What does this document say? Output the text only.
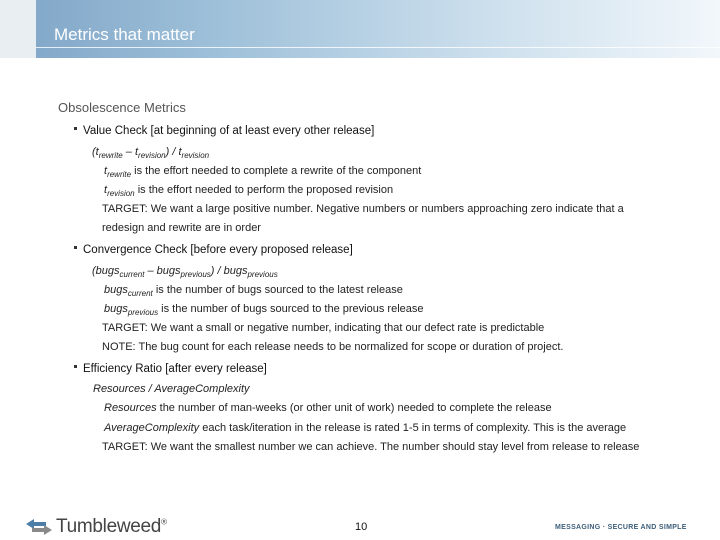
Metrics that matter
Obsolescence Metrics
Value Check [at beginning of at least every other release]
$(t_{rewrite} - t_{revision}) / t_{revision}$
$t_{rewrite}$ is the effort needed to complete a rewrite of the component
$t_{revision}$ is the effort needed to perform the proposed revision
TARGET: We want a large positive number. Negative numbers or numbers approaching zero indicate that a
redesign and rewrite are in order
Convergence Check [before every proposed release]
(bugs$_{current}$ – bugs$_{previous}$) / bugs$_{previous}$
bugs$_{current}$ is the number of bugs sourced to the latest release
bugs$_{previous}$ is the number of bugs sourced to the previous release
TARGET: We want a small or negative number, indicating that our defect rate is predictable
NOTE: The bug count for each release needs to be normalized for scope or duration of project.
Efficiency Ratio [after every release]
Resources / AverageComplexity
Resources the number of man-weeks (or other unit of work) needed to complete the release
AverageComplexity each task/iteration in the release is rated 1-5 in terms of complexity. This is the average
TARGET: We want the smallest number we can achieve. The number should stay level from release to release
Tumbleweed®	10	MESSAGING · SECURE AND SIMPLE
